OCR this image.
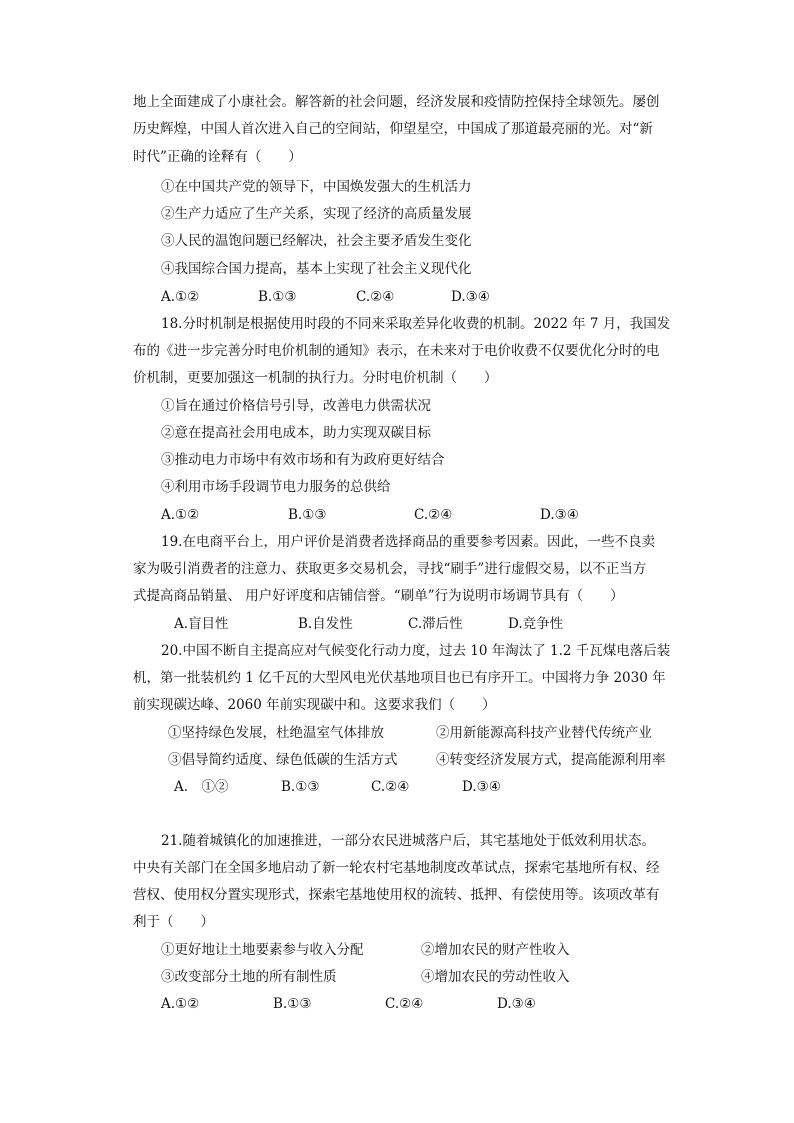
地上全面建成了小康社会。解答新的社会问题，经济发展和疫情防控保持全球领先。屡创
历史辉煌，中国人首次进入自己的空间站，仰望星空，中国成了那道最亮丽的光。对“新
时代”正确的诠释有（　　）
①在中国共产党的领导下，中国焕发强大的生机活力
②生产力适应了生产关系，实现了经济的高质量发展
③人民的温饱问题已经解决，社会主要矛盾发生变化
④我国综合国力提高，基本上实现了社会主义现代化
A.①②	B.①③	C.②④	D.③④
18.分时机制是根据使用时段的不同来采取差异化收费的机制。2022 年 7 月，我国发
布的《进一步完善分时电价机制的通知》表示，在未来对于电价收费不仅要优化分时的电
价机制，更要加强这一机制的执行力。分时电价机制（　　）
①旨在通过价格信号引导，改善电力供需状况
②意在提高社会用电成本，助力实现双碳目标
③推动电力市场中有效市场和有为政府更好结合
④利用市场手段调节电力服务的总供给
A.①②	B.①③	C.②④	D.③④
19.在电商平台上，用户评价是消费者选择商品的重要参考因素。因此，一些不良卖
家为吸引消费者的注意力、获取更多交易机会，寻找“刷手”进行虚假交易，以不正当方
式提高商品销量、 用户好评度和店铺信誉。“刷单”行为说明市场调节具有（　　）
A.盲目性	B.自发性	C.滞后性	D.竞争性
20.中国不断自主提高应对气候变化行动力度，过去 10 年淘汰了 1.2 千瓦煤电落后装
机，第一批装机约 1 亿千瓦的大型风电光伏基地项目也已有序开工。中国将力争 2030 年
前实现碳达峰、2060 年前实现碳中和。这要求我们（　　）
①坚持绿色发展，杜绝温室气体排放	②用新能源高科技产业替代传统产业
③倡导简约适度、绿色低碳的生活方式	④转变经济发展方式，提高能源利用率
A.　①②	B.①③	C.②④	D.③④
21.随着城镇化的加速推进，一部分农民进城落户后，其宅基地处于低效利用状态。
中央有关部门在全国多地启动了新一轮农村宅基地制度改革试点，探索宅基地所有权、经
营权、使用权分置实现形式，探索宅基地使用权的流转、抵押、有偿使用等。该项改革有
利于（　　）
①更好地让土地要素参与收入分配	②增加农民的财产性收入
③改变部分土地的所有制性质	④增加农民的劳动性收入
A.①②	B.①③	C.②④	D.③④
